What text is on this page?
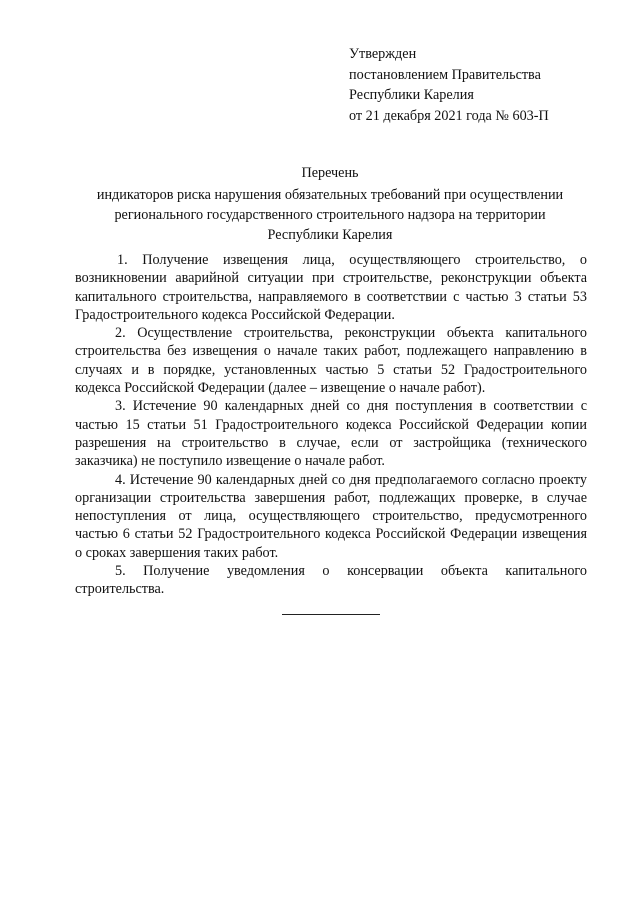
Утвержден
постановлением Правительства
Республики Карелия
от 21 декабря 2021 года № 603-П
Перечень
индикаторов риска нарушения обязательных требований при осуществлении
регионального государственного строительного надзора на территории
Республики Карелия

1. Получение извещения лица, осуществляющего строительство, о возникновении аварийной ситуации при строительстве, реконструкции объекта капитального строительства, направляемого в соответствии с частью 3 статьи 53 Градостроительного кодекса Российской Федерации.

2. Осуществление строительства, реконструкции объекта капитального строительства без извещения о начале таких работ, подлежащего направлению в случаях и в порядке, установленных частью 5 статьи 52 Градостроительного кодекса Российской Федерации (далее – извещение о начале работ).

3. Истечение 90 календарных дней со дня поступления в соответствии с частью 15 статьи 51 Градостроительного кодекса Российской Федерации копии разрешения на строительство в случае, если от застройщика (технического заказчика) не поступило извещение о начале работ.

4. Истечение 90 календарных дней со дня предполагаемого согласно проекту организации строительства завершения работ, подлежащих проверке, в случае непоступления от лица, осуществляющего строительство, предусмотренного частью 6 статьи 52 Градостроительного кодекса Российской Федерации извещения о сроках завершения таких работ.

5. Получение уведомления о консервации объекта капитального строительства.
